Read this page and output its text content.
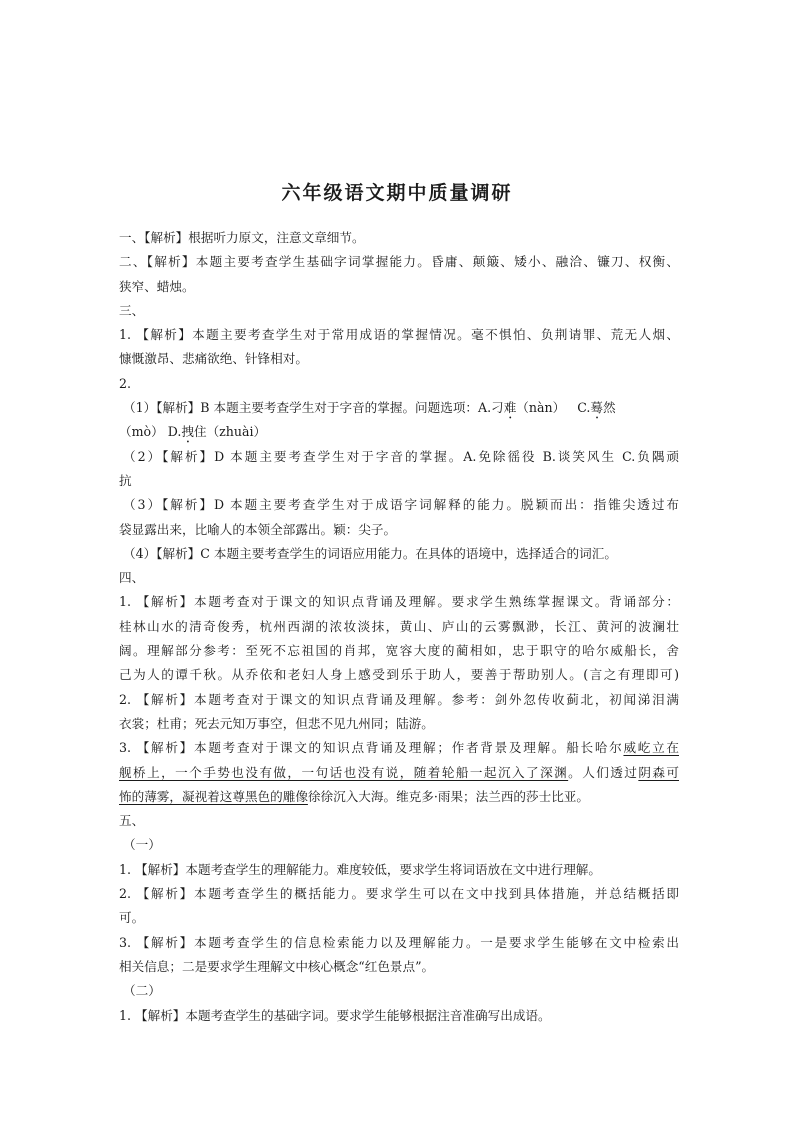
六年级语文期中质量调研
一、【解析】根据听力原文，注意文章细节。
二、【解析】本题主要考查学生基础字词掌握能力。昏庸、颠簸、矮小、融洽、镰刀、权衡、
狭窄、蜡烛。
三、
1. 【解析】本题主要考查学生对于常用成语的掌握情况。毫不惧怕、负荆请罪、荒无人烟、
慷慨激昂、悲痛欲绝、针锋相对。
2.
（1）【解析】B 本题主要考查学生对于字音的掌握。问题选项：A.刁难（nàn） C.蓦然
（mò） D.拽住（zhuài）
（2）【解析】D 本题主要考查学生对于字音的掌握。A.免除徭役 B.谈笑风生 C.负隅顽
抗
（3）【解析】D 本题主要考查学生对于成语字词解释的能力。脱颖而出：指锥尖透过布
袋显露出来，比喻人的本领全部露出。颖：尖子。
（4）【解析】C 本题主要考查学生的词语应用能力。在具体的语境中，选择适合的词汇。
四、
1. 【解析】本题考查对于课文的知识点背诵及理解。要求学生熟练掌握课文。背诵部分：
桂林山水的清奇俊秀，杭州西湖的浓妆淡抹，黄山、庐山的云雾飘渺，长江、黄河的波澜壮
阔。理解部分参考：至死不忘祖国的肖邦，宽容大度的蔺相如，忠于职守的哈尔威船长，舍
己为人的谭千秋。从乔依和老妇人身上感受到乐于助人，要善于帮助别人。(言之有理即可)
2. 【解析】本题考查对于课文的知识点背诵及理解。参考：剑外忽传收蓟北，初闻涕泪满
衣裳；杜甫；死去元知万事空，但悲不见九州同；陆游。
3. 【解析】本题考查对于课文的知识点背诵及理解；作者背景及理解。船长哈尔威屹立在
舰桥上，一个手势也没有做，一句话也没有说，随着轮船一起沉入了深渊。人们透过阴森可
怖的薄雾，凝视着这尊黑色的雕像徐徐沉入大海。维克多·雨果；法兰西的莎士比亚。
五、
（一）
1. 【解析】本题考查学生的理解能力。难度较低，要求学生将词语放在文中进行理解。
2. 【解析】本题考查学生的概括能力。要求学生可以在文中找到具体措施，并总结概括即
可。
3. 【解析】本题考查学生的信息检索能力以及理解能力。一是要求学生能够在文中检索出
相关信息；二是要求学生理解文中核心概念“红色景点”。
（二）
1. 【解析】本题考查学生的基础字词。要求学生能够根据注音准确写出成语。
